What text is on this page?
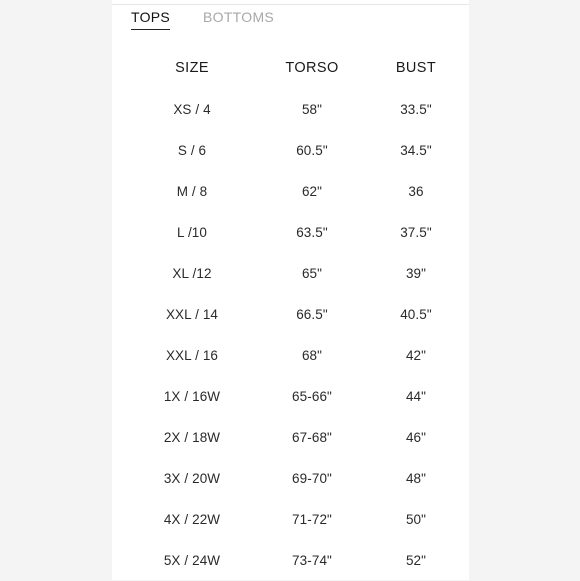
TOPS BOTTOMS
SIZE	TORSO	BUST
XS / 4	58"	33.5"
S / 6	60.5"	34.5"
M / 8	62"	36
L /10	63.5"	37.5"
XL /12	65"	39"
XXL / 14	66.5"	40.5"
XXL / 16	68"	42"
1X / 16W	65-66"	44"
2X / 18W	67-68"	46"
3X / 20W	69-70"	48"
4X / 22W	71-72"	50"
5X / 24W	73-74"	52"
